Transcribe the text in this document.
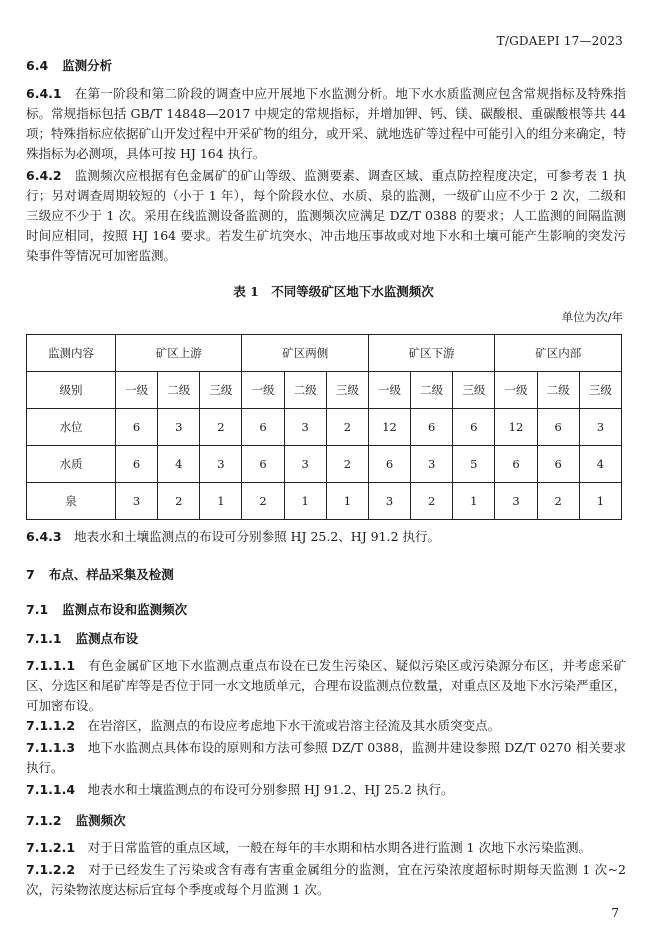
T/GDAEPI 17—2023
6.4 监测分析
6.4.1　 在第一阶段和第二阶段的调查中应开展地下水监测分析。地下水水质监测应包含常规指标及特殊指标。常规指标包括 GB/T 14848—2017 中规定的常规指标，并增加钾、钙、镁、碳酸根、重碳酸根等共 44 项；特殊指标应依据矿山开发过程中开采矿物的组分，或开采、就地选矿等过程中可能引入的组分来确定，特殊指标为必测项，具体可按 HJ 164 执行。
6.4.2　 监测频次应根据有色金属矿的矿山等级、监测要素、调查区域、重点防控程度决定，可参考表 1 执行；另对调查周期较短的（小于 1 年），每个阶段水位、水质、泉的监测，一级矿山应不少于 2 次，二级和三级应不少于 1 次。采用在线监测设备监测的，监测频次应满足 DZ/T 0388 的要求；人工监测的间隔监测时间应相同，按照 HJ 164 要求。若发生矿坑突水、冲击地压事故或对地下水和土壤可能产生影响的突发污染事件等情况可加密监测。
表 1　不同等级矿区地下水监测频次
单位为次/年
监测内容	矿区上游			矿区两侧			矿区下游			矿区内部		
级别	一级	二级	三级	一级	二级	三级	一级	二级	三级	一级	二级	三级
水位	6	3	2	6	3	2	12	6	6	12	6	3
水质	6	4	3	6	3	2	6	3	5	6	6	4
泉	3	2	1	2	1	1	3	2	1	3	2	1
6.4.3　 地表水和土壤监测点的布设可分别参照 HJ 25.2、HJ 91.2 执行。
7 布点、样品采集及检测
7.1 监测点布设和监测频次
7.1.1 监测点布设
7.1.1.1　 有色金属矿区地下水监测点重点布设在已发生污染区、疑似污染区或污染源分布区，并考虑采矿区、分选区和尾矿库等是否位于同一水文地质单元，合理布设监测点位数量，对重点区及地下水污染严重区，可加密布设。
7.1.1.2　 在岩溶区，监测点的布设应考虑地下水干流或岩溶主径流及其水质突变点。
7.1.1.3　 地下水监测点具体布设的原则和方法可参照 DZ/T 0388，监测井建设参照 DZ/T 0270 相关要求执行。
7.1.1.4　 地表水和土壤监测点的布设可分别参照 HJ 91.2、HJ 25.2 执行。
7.1.2 监测频次
7.1.2.1　 对于日常监管的重点区域，一般在每年的丰水期和枯水期各进行监测 1 次地下水污染监测。
7.1.2.2　 对于已经发生了污染或含有毒有害重金属组分的监测，宜在污染浓度超标时期每天监测 1 次~2 次，污染物浓度达标后宜每个季度或每个月监测 1 次。
7
